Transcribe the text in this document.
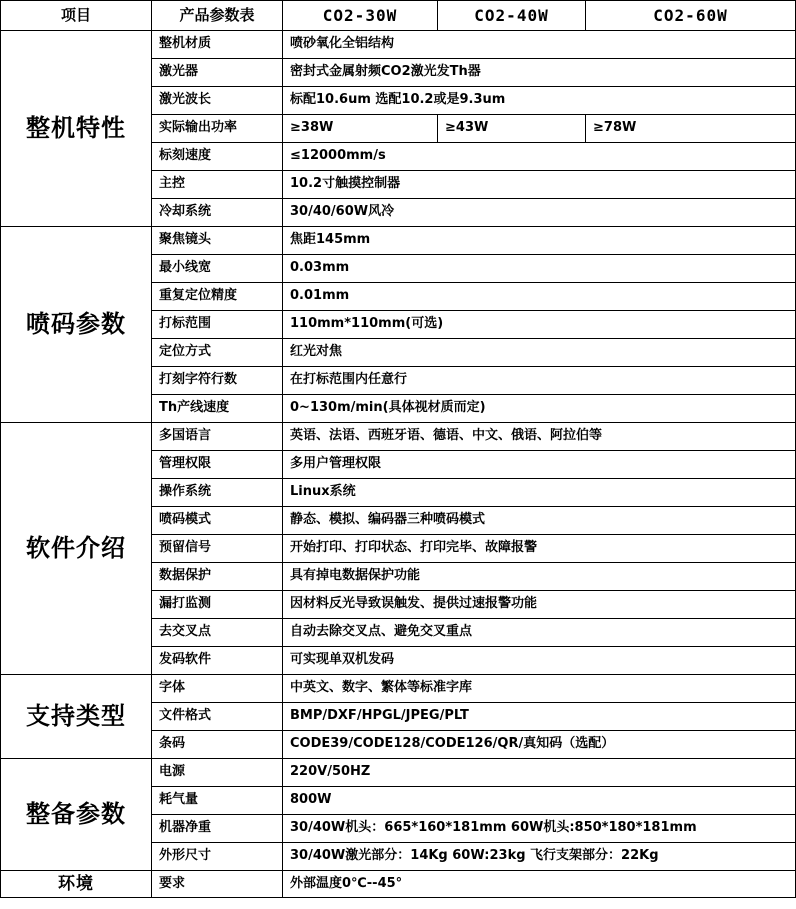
项目	产品参数表	CO2-30W	CO2-40W	CO2-60W
整机特性	整机材质	喷砂氧化全铝结构		
	激光器	密封式金属射频CO2激光发Th器		
	激光波长	标配10.6um 选配10.2或是9.3um		
	实际输出功率	≥38W	≥43W	≥78W
	标刻速度	≤12000mm/s		
	主控	10.2寸触摸控制器		
	冷却系统	30/40/60W风冷		
喷码参数	聚焦镜头	焦距145mm		
	最小线宽	0.03mm		
	重复定位精度	0.01mm		
	打标范围	110mm*110mm(可选)		
	定位方式	红光对焦		
	打刻字符行数	在打标范围内任意行		
	Th产线速度	0~130m/min(具体视材质而定)		
软件介绍	多国语言	英语、法语、西班牙语、德语、中文、俄语、阿拉伯等		
	管理权限	多用户管理权限		
	操作系统	Linux系统		
	喷码模式	静态、模拟、编码器三种喷码模式		
	预留信号	开始打印、打印状态、打印完毕、故障报警		
	数据保护	具有掉电数据保护功能		
	漏打监测	因材料反光导致误触发、提供过速报警功能		
	去交叉点	自动去除交叉点、避免交叉重点		
	发码软件	可实现单双机发码		
支持类型	字体	中英文、数字、繁体等标准字库		
	文件格式	BMP/DXF/HPGL/JPEG/PLT		
	条码	CODE39/CODE128/CODE126/QR/真知码（选配）		
整备参数	电源	220V/50HZ		
	耗气量	800W		
	机器净重	30/40W机头：665*160*181mm 60W机头:850*180*181mm		
	外形尺寸	30/40W激光部分：14Kg 60W:23kg 飞行支架部分：22Kg		
环境	要求	外部温度0℃--45°		
